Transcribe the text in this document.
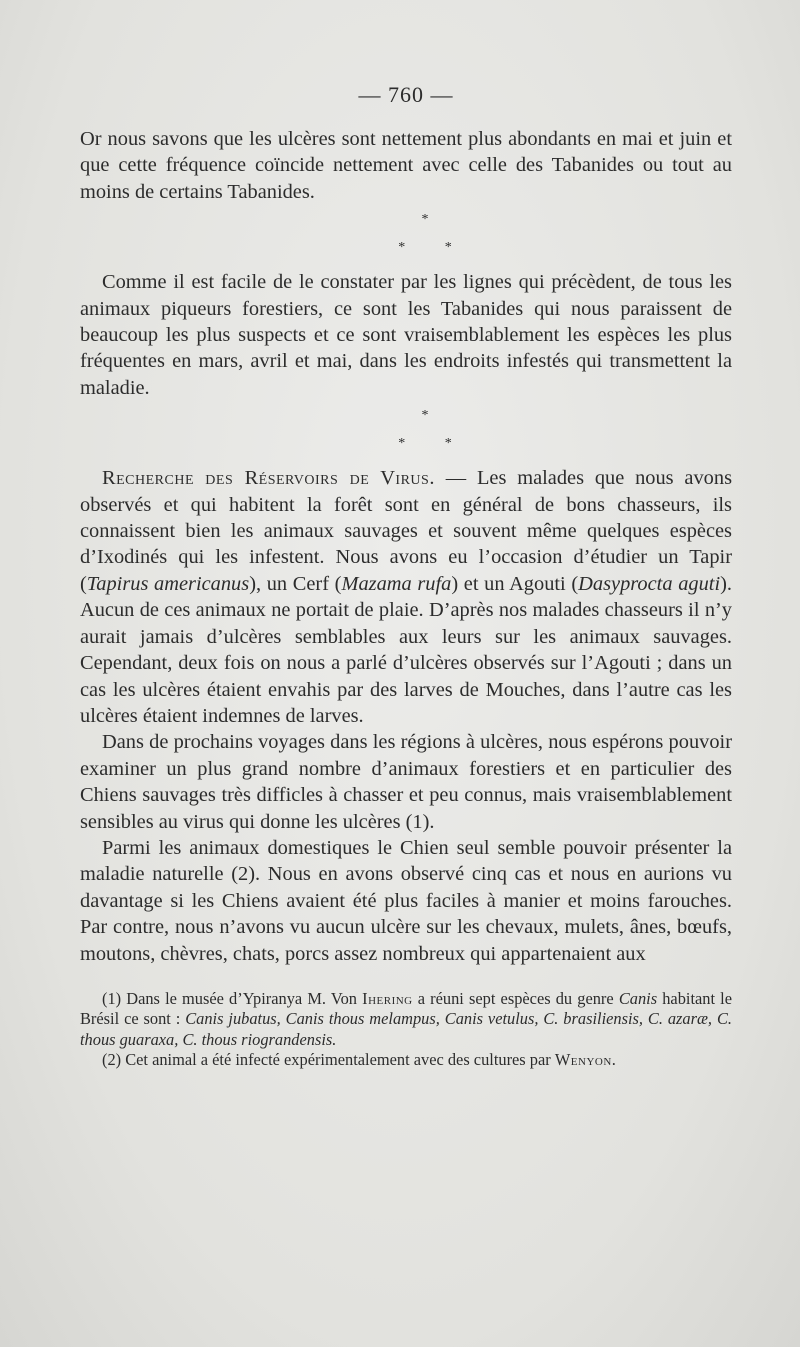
— 760 —

Or nous savons que les ulcères sont nettement plus abondants en mai et juin et que cette fréquence coïncide nettement avec celle des Tabanides ou tout au moins de certains Tabanides.

*
* *

Comme il est facile de le constater par les lignes qui précèdent, de tous les animaux piqueurs forestiers, ce sont les Tabanides qui nous paraissent de beaucoup les plus suspects et ce sont vraisemblablement les espèces les plus fréquentes en mars, avril et mai, dans les endroits infestés qui transmettent la maladie.

*
* *

Recherche des Réservoirs de Virus. — Les malades que nous avons observés et qui habitent la forêt sont en général de bons chasseurs, ils connaissent bien les animaux sauvages et souvent même quelques espèces d’Ixodinés qui les infestent. Nous avons eu l’occasion d’étudier un Tapir (Tapirus americanus), un Cerf (Mazama rufa) et un Agouti (Dasyprocta aguti). Aucun de ces animaux ne portait de plaie. D’après nos malades chasseurs il n’y aurait jamais d’ulcères semblables aux leurs sur les animaux sauvages. Cependant, deux fois on nous a parlé d’ulcères observés sur l’Agouti ; dans un cas les ulcères étaient envahis par des larves de Mouches, dans l’autre cas les ulcères étaient indemnes de larves.

Dans de prochains voyages dans les régions à ulcères, nous espérons pouvoir examiner un plus grand nombre d’animaux forestiers et en particulier des Chiens sauvages très difficles à chasser et peu connus, mais vraisemblablement sensibles au virus qui donne les ulcères (1).

Parmi les animaux domestiques le Chien seul semble pouvoir présenter la maladie naturelle (2). Nous en avons observé cinq cas et nous en aurions vu davantage si les Chiens avaient été plus faciles à manier et moins farouches. Par contre, nous n’avons vu aucun ulcère sur les chevaux, mulets, ânes, bœufs, moutons, chèvres, chats, porcs assez nombreux qui appartenaient aux

(1) Dans le musée d’Ypiranya M. Von Ihering a réuni sept espèces du genre Canis habitant le Brésil ce sont : Canis jubatus, Canis thous melampus, Canis vetulus, C. brasiliensis, C. azaræ, C. thous guaraxa, C. thous riograndensis.

(2) Cet animal a été infecté expérimentalement avec des cultures par Wenyon.
